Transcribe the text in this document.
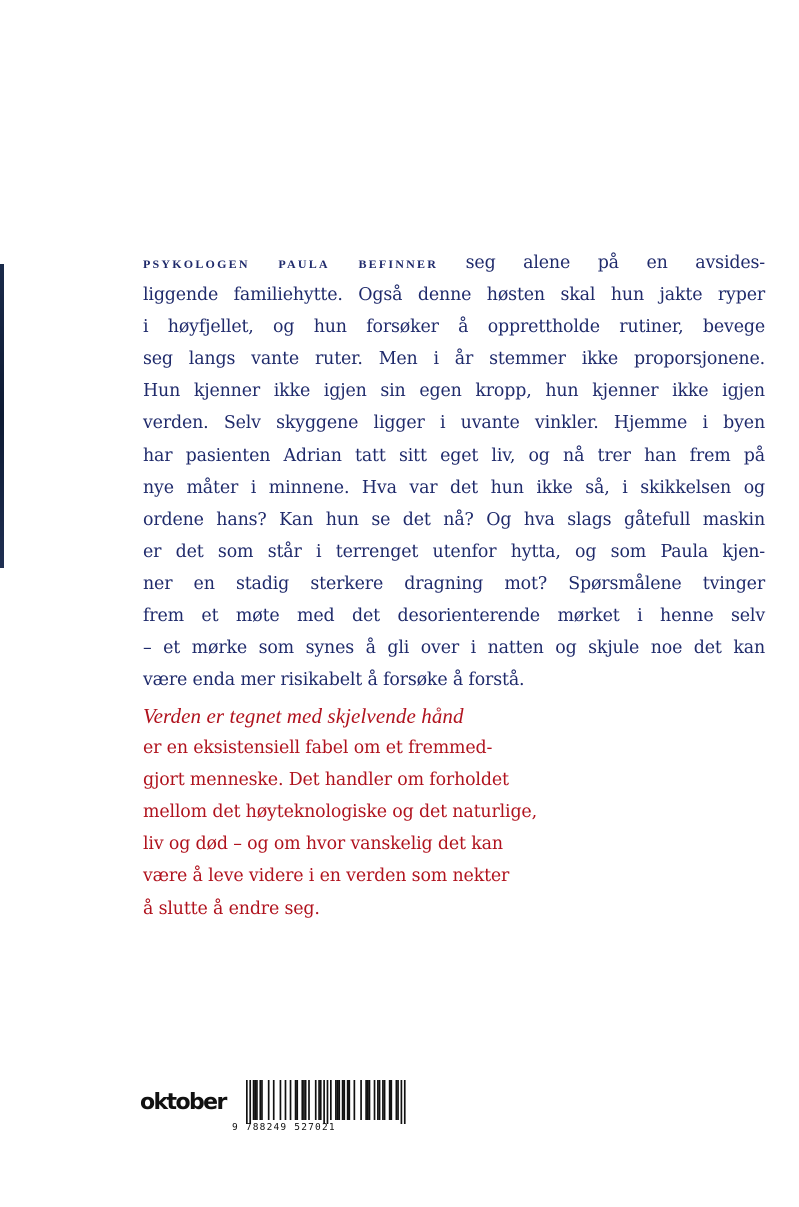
psykologen paula befinner seg alene på en avsides-
liggende familiehytte. Også denne høsten skal hun jakte ryper
i høyfjellet, og hun forsøker å opprettholde rutiner, bevege
seg langs vante ruter. Men i år stemmer ikke proporsjonene.
Hun kjenner ikke igjen sin egen kropp, hun kjenner ikke igjen
verden. Selv skyggene ligger i uvante vinkler. Hjemme i byen
har pasienten Adrian tatt sitt eget liv, og nå trer han frem på
nye måter i minnene. Hva var det hun ikke så, i skikkelsen og
ordene hans? Kan hun se det nå? Og hva slags gåtefull maskin
er det som står i terrenget utenfor hytta, og som Paula kjen-
ner en stadig sterkere dragning mot? Spørsmålene tvinger
frem et møte med det desorienterende mørket i henne selv
– et mørke som synes å gli over i natten og skjule noe det kan
være enda mer risikabelt å forsøke å forstå.
Verden er tegnet med skjelvende hånd
er en eksistensiell fabel om et fremmed-
gjort menneske. Det handler om forholdet
mellom det høyteknologiske og det naturlige,
liv og død – og om hvor vanskelig det kan
være å leve videre i en verden som nekter
å slutte å endre seg.
oktober
9 788249 527021
